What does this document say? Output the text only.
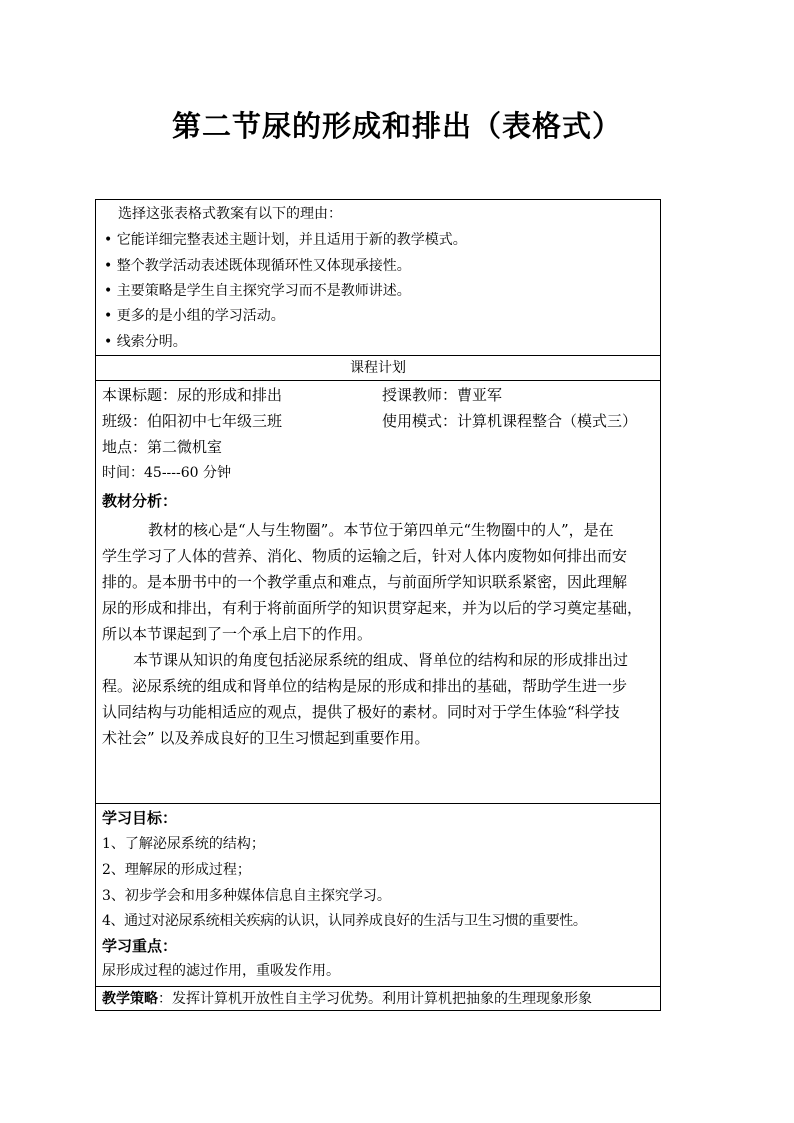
第二节尿的形成和排出（表格式）
选择这张表格式教案有以下的理由：
• 它能详细完整表述主题计划，并且适用于新的教学模式。
• 整个教学活动表述既体现循环性又体现承接性。
• 主要策略是学生自主探究学习而不是教师讲述。
• 更多的是小组的学习活动。
• 线索分明。
课程计划
本课标题：尿的形成和排出	授课教师：曹亚军
班级：伯阳初中七年级三班	使用模式：计算机课程整合（模式三）
地点：第二微机室
时间：45----60 分钟
教材分析：
教材的核心是“人与生物圈”。本节位于第四单元“生物圈中的人”，是在
学生学习了人体的营养、消化、物质的运输之后，针对人体内废物如何排出而安
排的。是本册书中的一个教学重点和难点，与前面所学知识联系紧密，因此理解
尿的形成和排出，有利于将前面所学的知识贯穿起来，并为以后的学习奠定基础，
所以本节课起到了一个承上启下的作用。
本节课从知识的角度包括泌尿系统的组成、肾单位的结构和尿的形成排出过
程。泌尿系统的组成和肾单位的结构是尿的形成和排出的基础，帮助学生进一步
认同结构与功能相适应的观点，提供了极好的素材。同时对于学生体验“科学技
术社会” 以及养成良好的卫生习惯起到重要作用。
学习目标：
1、了解泌尿系统的结构；
2、理解尿的形成过程；
3、初步学会和用多种媒体信息自主探究学习。
4、通过对泌尿系统相关疾病的认识，认同养成良好的生活与卫生习惯的重要性。
学习重点：
尿形成过程的滤过作用，重吸发作用。
教学策略：发挥计算机开放性自主学习优势。利用计算机把抽象的生理现象形象
